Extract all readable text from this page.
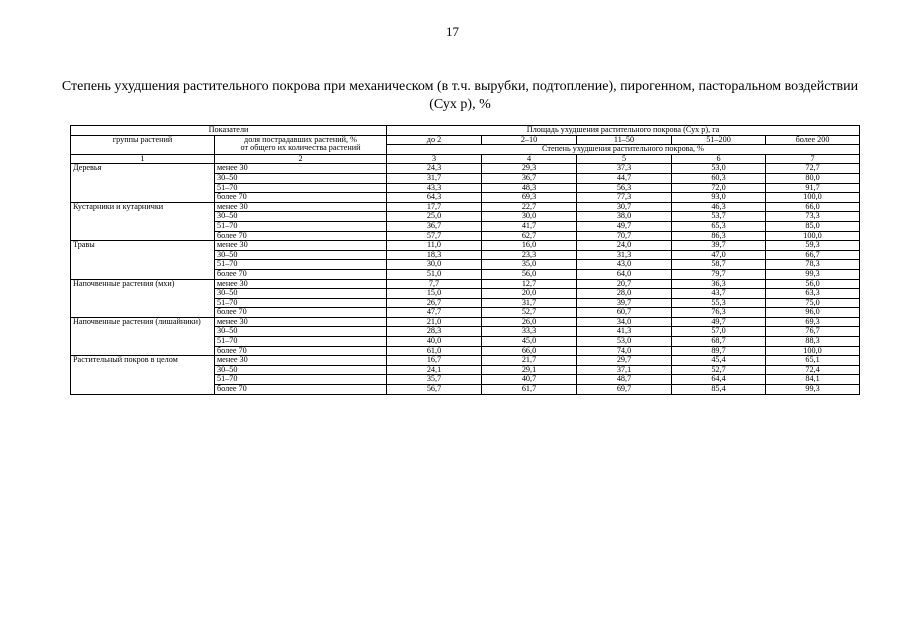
17
Степень ухудшения растительного покрова при механическом (в т.ч. вырубки, подтопление), пирогенном, пасторальном воздействии (Сух р), %
Показатели		Площадь ухудшения растительного покрова (Сух р), га				
группы растений	доля пострадавших растений, %
от общего их количества растений	до 2	2–10	11–50	51–200	более 200
		Степень ухудшения растительного покрова, %				
1	2	3	4	5	6	7
Деревья	менее 30	24,3	29,3	37,3	53,0	72,7
	30–50	31,7	36,7	44,7	60,3	80,0
	51–70	43,3	48,3	56,3	72,0	91,7
	более 70	64,3	69,3	77,3	93,0	100,0
Кустарники и кутарнички	менее 30	17,7	22,7	30,7	46,3	66,0
	30–50	25,0	30,0	38,0	53,7	73,3
	51–70	36,7	41,7	49,7	65,3	85,0
	более 70	57,7	62,7	70,7	86,3	100,0
Травы	менее 30	11,0	16,0	24,0	39,7	59,3
	30–50	18,3	23,3	31,3	47,0	66,7
	51–70	30,0	35,0	43,0	58,7	78,3
	более 70	51,0	56,0	64,0	79,7	99,3
Напочвенные растения (мхи)	менее 30	7,7	12,7	20,7	36,3	56,0
	30–50	15,0	20,0	28,0	43,7	63,3
	51–70	26,7	31,7	39,7	55,3	75,0
	более 70	47,7	52,7	60,7	76,3	96,0
Напочвенные растения (лишайники)	менее 30	21,0	26,0	34,0	49,7	69,3
	30–50	28,3	33,3	41,3	57,0	76,7
	51–70	40,0	45,0	53,0	68,7	88,3
	более 70	61,0	66,0	74,0	89,7	100,0
Растительный покров в целом	менее 30	16,7	21,7	29,7	45,4	65,1
	30–50	24,1	29,1	37,1	52,7	72,4
	51–70	35,7	40,7	48,7	64,4	84,1
	более 70	56,7	61,7	69,7	85,4	99,3
